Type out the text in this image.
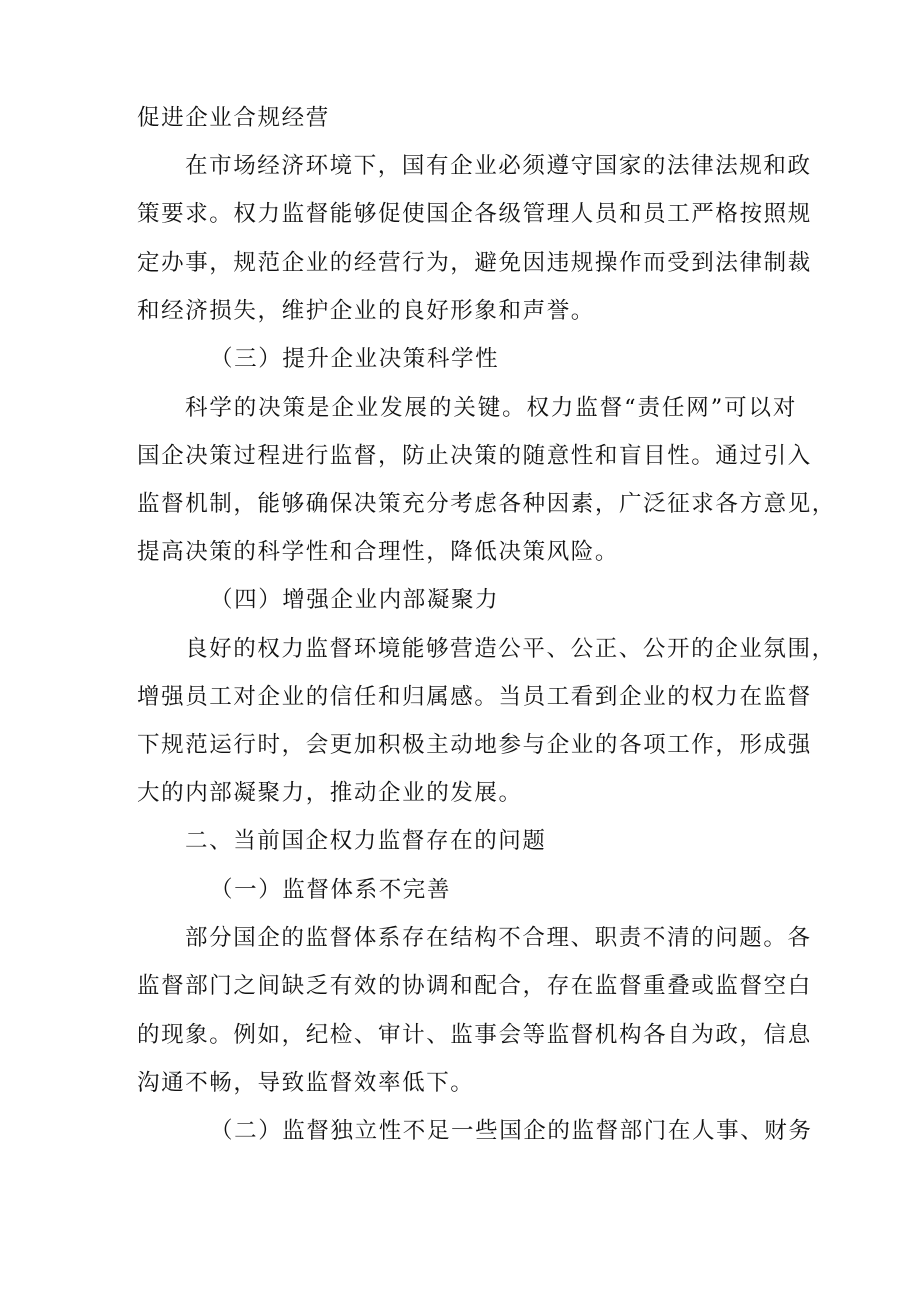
促进企业合规经营
在市场经济环境下，国有企业必须遵守国家的法律法规和政
策要求。权力监督能够促使国企各级管理人员和员工严格按照规
定办事，规范企业的经营行为，避免因违规操作而受到法律制裁
和经济损失，维护企业的良好形象和声誉。
（三）提升企业决策科学性
科学的决策是企业发展的关键。权力监督“责任网”可以对
国企决策过程进行监督，防止决策的随意性和盲目性。通过引入
监督机制，能够确保决策充分考虑各种因素，广泛征求各方意见，
提高决策的科学性和合理性，降低决策风险。
（四）增强企业内部凝聚力
良好的权力监督环境能够营造公平、公正、公开的企业氛围，
增强员工对企业的信任和归属感。当员工看到企业的权力在监督
下规范运行时，会更加积极主动地参与企业的各项工作，形成强
大的内部凝聚力，推动企业的发展。
二、当前国企权力监督存在的问题
（一）监督体系不完善
部分国企的监督体系存在结构不合理、职责不清的问题。各
监督部门之间缺乏有效的协调和配合，存在监督重叠或监督空白
的现象。例如，纪检、审计、监事会等监督机构各自为政，信息
沟通不畅，导致监督效率低下。
（二）监督独立性不足一些国企的监督部门在人事、财务
